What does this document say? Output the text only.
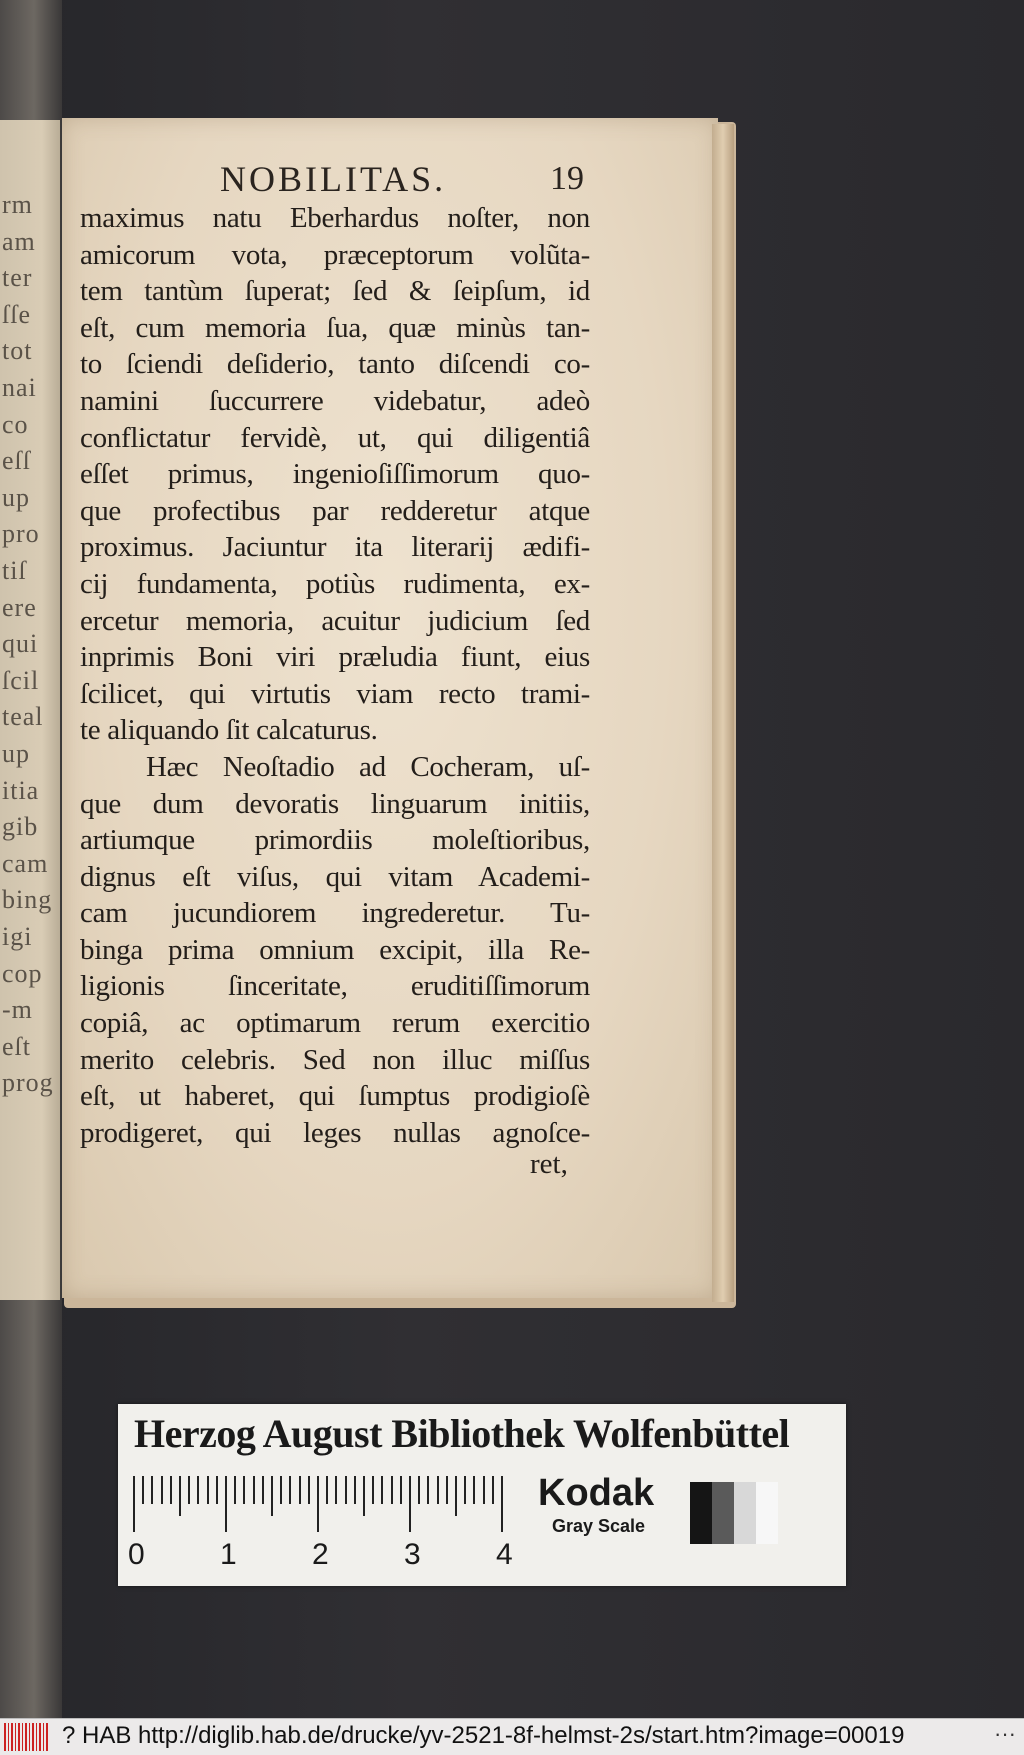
rm
am
ter
ſſe
tot
nai
co
eſſ
up
pro
tiſ
ere
qui
ſcil
teal
up
itia
gib
cam
bing
igi
cop
-m
eſt
prog
NOBILITAS.	19
maximus natu Eberhardus noſter, non
amicorum vota, præceptorum volũta-
tem tantùm ſuperat; ſed & ſeipſum, id
eſt, cum memoria ſua, quæ minùs tan-
to ſciendi deſiderio, tanto diſcendi co-
namini ſuccurrere videbatur, adeò
conflictatur fervidè, ut, qui diligentiâ
eſſet primus, ingenioſiſſimorum quo-
que profectibus par redderetur atque
proximus. Jaciuntur ita literarij ædifi-
cij fundamenta, potiùs rudimenta, ex-
ercetur memoria, acuitur judicium ſed
inprimis Boni viri præludia fiunt, eius
ſcilicet, qui virtutis viam recto trami-
te aliquando ſit calcaturus.
Hæc Neoſtadio ad Cocheram, uſ-
que dum devoratis linguarum initiis,
artiumque primordiis moleſtioribus,
dignus eſt viſus, qui vitam Academi-
cam jucundiorem ingrederetur. Tu-
binga prima omnium excipit, illa Re-
ligionis ſinceritate, eruditiſſimorum
copiâ, ac optimarum rerum exercitio
merito celebris. Sed non illuc miſſus
eſt, ut haberet, qui ſumptus prodigioſè
prodigeret, qui leges nullas agnoſce-
ret,
Herzog August Bibliothek Wolfenbüttel
0	1	2	3	4
Kodak
Gray Scale
? HAB http://diglib.hab.de/drucke/yv-2521-8f-helmst-2s/start.htm?image=00019	···
